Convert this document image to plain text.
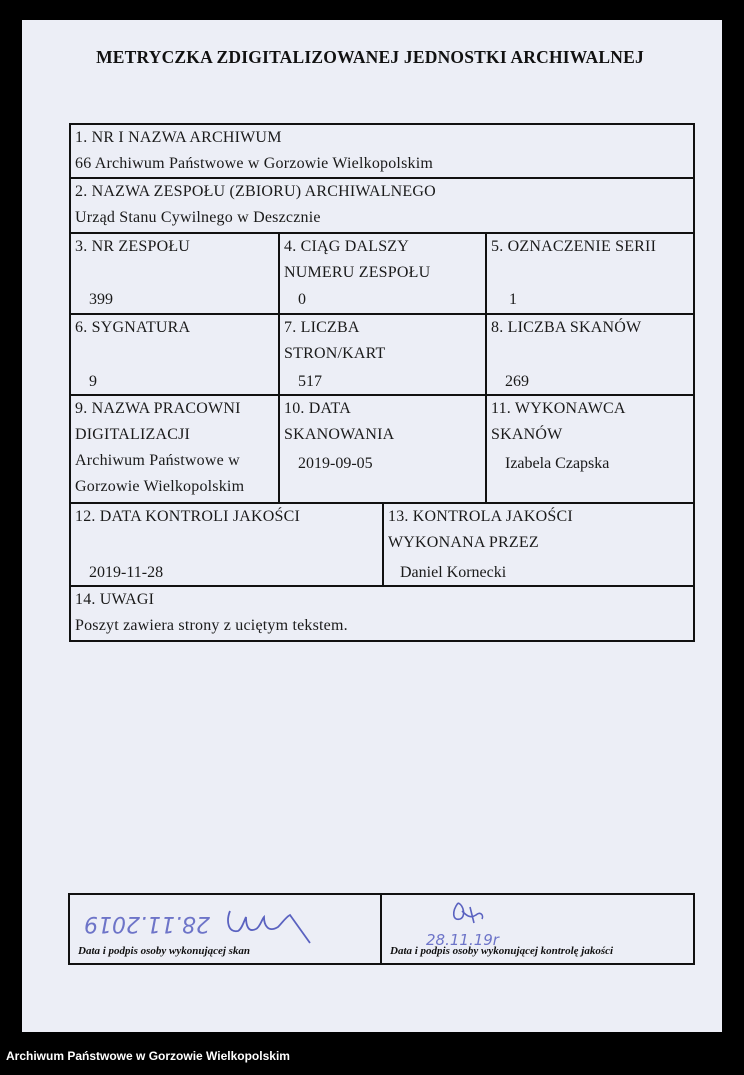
METRYCZKA ZDIGITALIZOWANEJ JEDNOSTKI ARCHIWALNEJ
1. NR I NAZWA ARCHIWUM
66 Archiwum Państwowe w Gorzowie Wielkopolskim
2. NAZWA ZESPOŁU (ZBIORU) ARCHIWALNEGO
Urząd Stanu Cywilnego w Deszcznie
3. NR ZESPOŁU
399
4. CIĄG DALSZY
NUMERU ZESPOŁU
0
5. OZNACZENIE SERII
1
6. SYGNATURA
9
7. LICZBA
STRON/KART
517
8. LICZBA SKANÓW
269
9. NAZWA PRACOWNI
DIGITALIZACJI
Archiwum Państwowe w
Gorzowie Wielkopolskim
10. DATA
SKANOWANIA
2019-09-05
11. WYKONAWCA
SKANÓW
Izabela Czapska
12. DATA KONTROLI JAKOŚCI
2019-11-28
13. KONTROLA JAKOŚCI
WYKONANA PRZEZ
Daniel Kornecki
14. UWAGI
Poszyt zawiera strony z uciętym tekstem.
28.11.2019
Data i podpis osoby wykonującej skan
28.11.19r
Data i podpis osoby wykonującej kontrolę jakości
Archiwum Państwowe w Gorzowie Wielkopolskim
